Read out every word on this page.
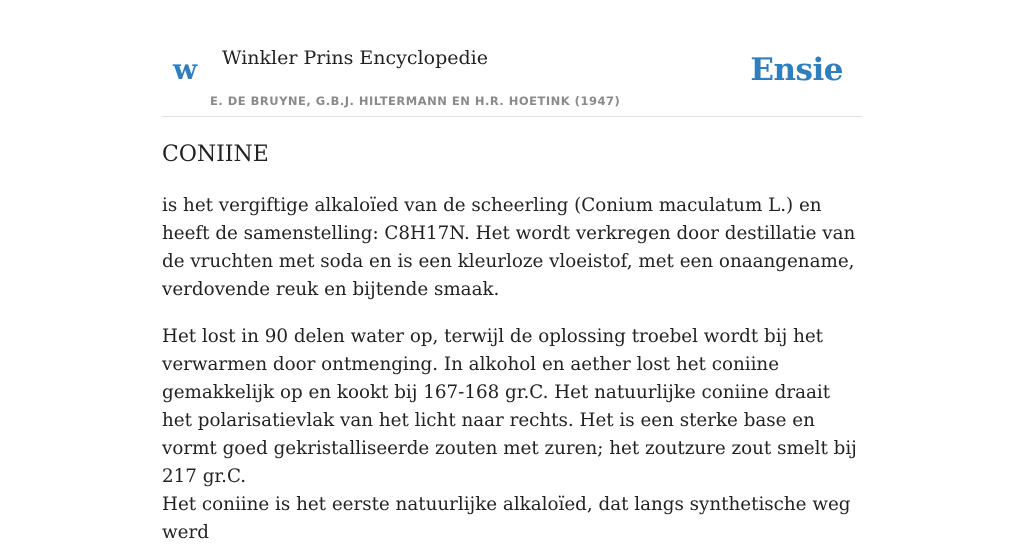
w Winkler Prins Encyclopedie
E. DE BRUYNE, G.B.J. HILTERMANN EN H.R. HOETINK (1947)
Ensie
CONIINE

is het vergiftige alkaloïed van de scheerling (Conium maculatum L.) en heeft de samenstelling: C8H17N. Het wordt verkregen door destillatie van de vruchten met soda en is een kleurloze vloeistof, met een onaangename, verdovende reuk en bijtende smaak.

Het lost in 90 delen water op, terwijl de oplossing troebel wordt bij het verwarmen door ontmenging. In alkohol en aether lost het coniine gemakkelijk op en kookt bij 167-168 gr.C. Het natuurlijke coniine draait het polarisatievlak van het licht naar rechts. Het is een sterke base en vormt goed gekristalliseerde zouten met zuren; het zoutzure zout smelt bij 217 gr.C.

Het coniine is het eerste natuurlijke alkaloïed, dat langs synthetische weg werd
